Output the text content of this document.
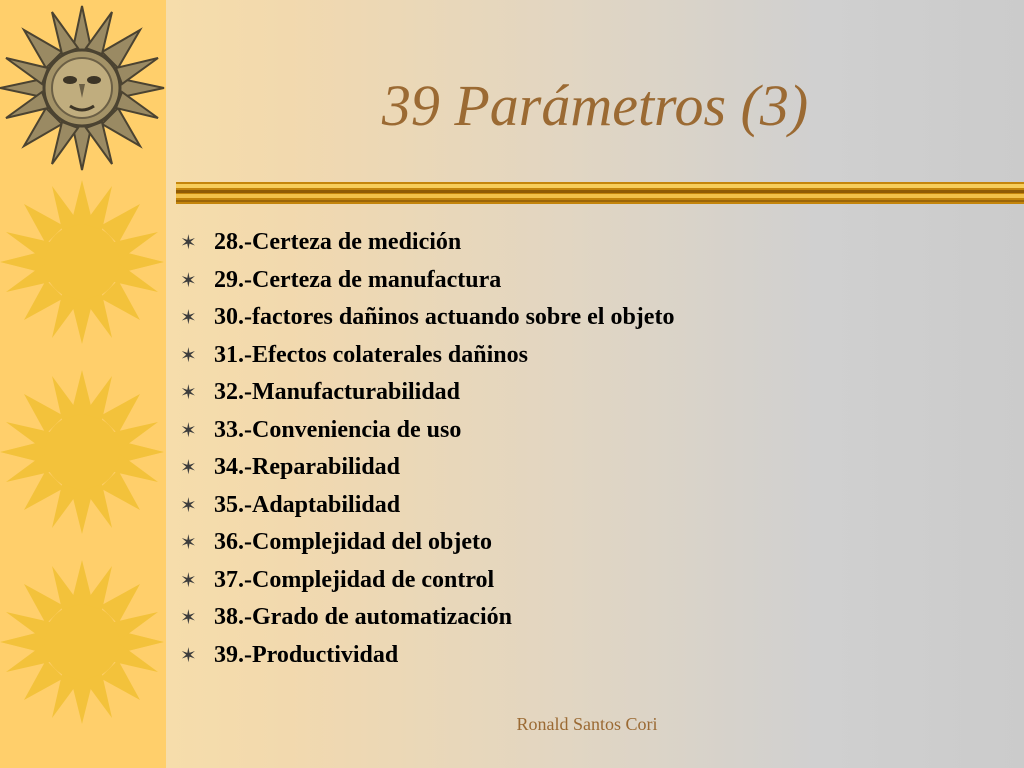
39 Parámetros (3)
✶ 28.-Certeza de medición
✶ 29.-Certeza de manufactura
✶ 30.-factores dañinos actuando sobre el objeto
✶ 31.-Efectos colaterales dañinos
✶ 32.-Manufacturabilidad
✶ 33.-Conveniencia de uso
✶ 34.-Reparabilidad
✶ 35.-Adaptabilidad
✶ 36.-Complejidad del objeto
✶ 37.-Complejidad de control
✶ 38.-Grado de automatización
✶ 39.-Productividad
Ronald Santos Cori
